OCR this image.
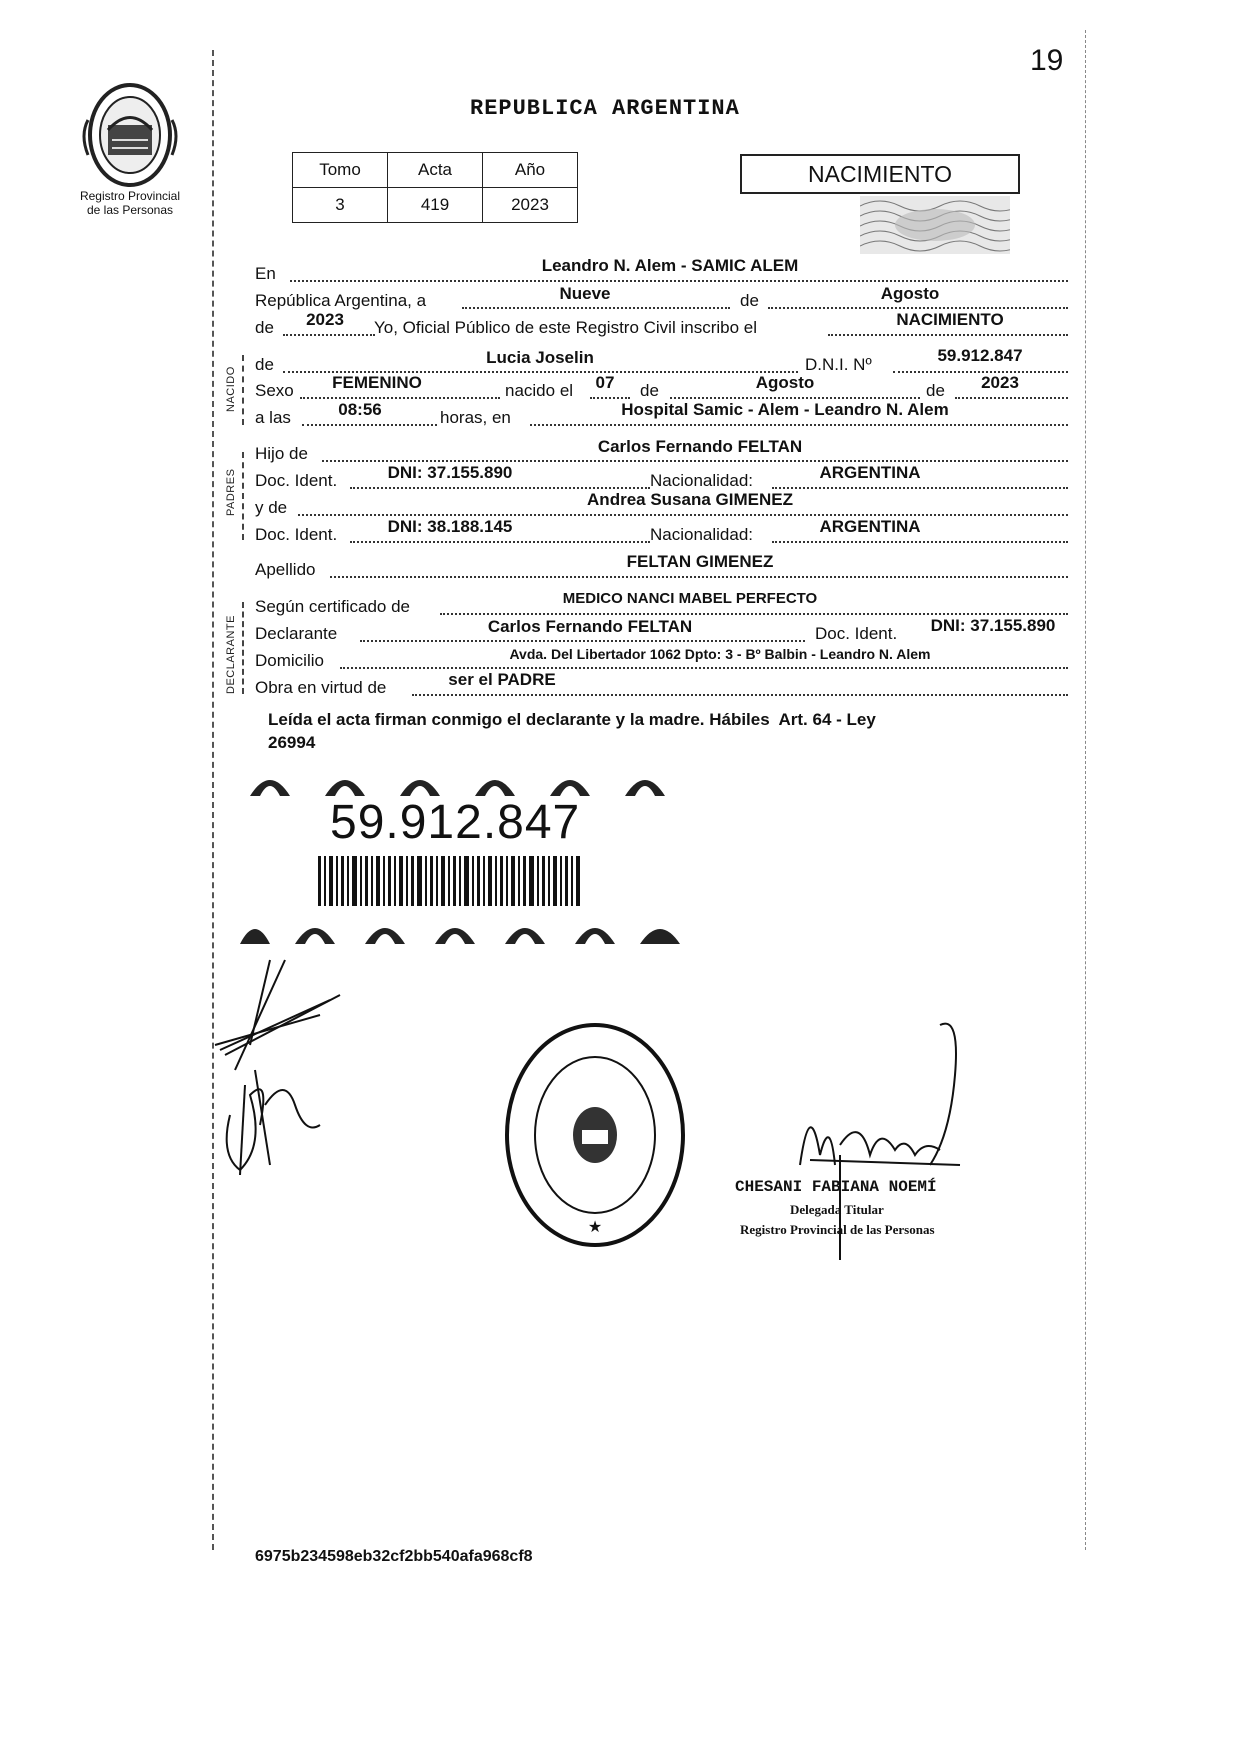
19
Registro Provincial
de las Personas
REPUBLICA ARGENTINA
Tomo	Acta	Año
3	419	2023
NACIMIENTO
NACIDO
PADRES
DECLARANTE
En	Leandro N. Alem - SAMIC ALEM
República Argentina, a	Nueve	de	Agosto
de	2023	Yo, Oficial Público de este Registro Civil inscribo el	NACIMIENTO
de	Lucia Joselin	D.N.I. Nº	59.912.847
Sexo	FEMENINO	nacido el	07	de	Agosto	de	2023
a las	08:56	horas, en	Hospital Samic - Alem - Leandro N. Alem
Hijo de	Carlos Fernando FELTAN
Doc. Ident.	DNI: 37.155.890	Nacionalidad:	ARGENTINA
y de	Andrea Susana GIMENEZ
Doc. Ident.	DNI: 38.188.145	Nacionalidad:	ARGENTINA
Apellido	FELTAN GIMENEZ
Según certificado de	MEDICO NANCI MABEL PERFECTO
Declarante	Carlos Fernando FELTAN	Doc. Ident.	DNI: 37.155.890
Domicilio	Avda. Del Libertador 1062 Dpto: 3 - Bº Balbin - Leandro N. Alem
Obra en virtud de	ser el PADRE
Leída el acta firman conmigo el declarante y la madre. Hábiles  Art. 64 - Ley
26994
59.912.847
★
CHESANI FABIANA NOEMÍ
Delegada Titular
Registro Provincial de las Personas
6975b234598eb32cf2bb540afa968cf8
